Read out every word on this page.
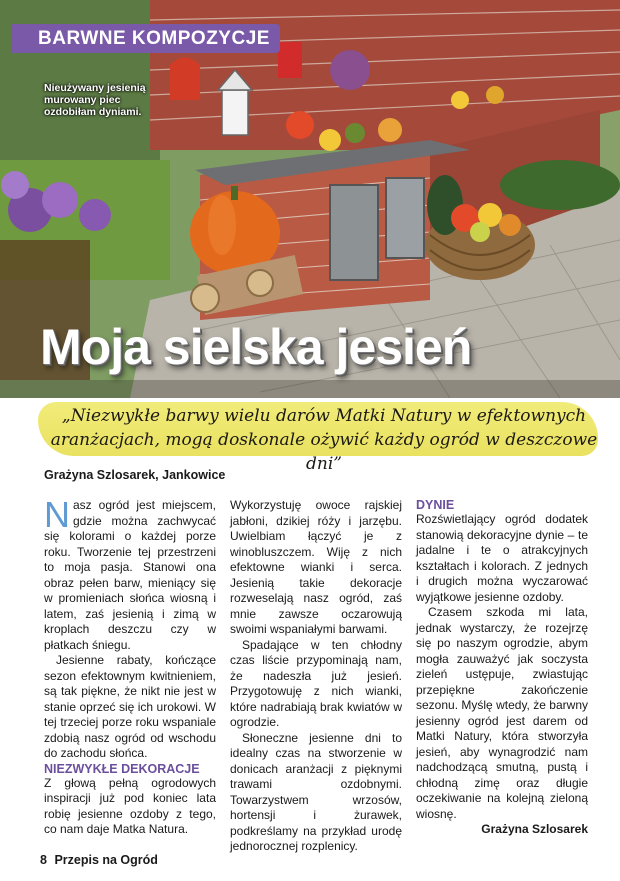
BARWNE KOMPOZYCJE
Nieużywany jesienią murowany piec ozdobiłam dyniami.
Moja sielska jesień
„Niezwykłe barwy wielu darów Matki Natury w efektownych aranżacjach, mogą doskonale ożywić każdy ogród w deszczowe dni”
Grażyna Szlosarek, Jankowice

Nasz ogród jest miejscem, gdzie można zachwycać się kolorami o każdej porze roku. Tworzenie tej przestrzeni to moja pasja. Stanowi ona obraz pełen barw, mieniący się w promieniach słońca wiosną i latem, zaś jesienią i zimą w kroplach deszczu czy w płatkach śniegu.

Jesienne rabaty, kończące sezon efektownym kwitnieniem, są tak piękne, że nikt nie jest w stanie oprzeć się ich urokowi. W tej trzeciej porze roku wspaniale zdobią nasz ogród od wschodu do zachodu słońca.

NIEZWYKŁE DEKORACJE

Z głową pełną ogrodowych inspiracji już pod koniec lata robię jesienne ozdoby z tego, co nam daje Matka Natura.

Wykorzystuję owoce rajskiej jabłoni, dzikiej róży i jarzębu. Uwielbiam łączyć je z winobluszczem. Wiję z nich efektowne wianki i serca. Jesienią takie dekoracje rozweselają nasz ogród, zaś mnie zawsze oczarowują swoimi wspaniałymi barwami.

Spadające w ten chłodny czas liście przypominają nam, że nadeszła już jesień. Przygotowuję z nich wianki, które nadrabiają brak kwiatów w ogrodzie.

Słoneczne jesienne dni to idealny czas na stworzenie w donicach aranżacji z pięknymi trawami ozdobnymi. Towarzystwem wrzosów, hortensji i żurawek, podkreślamy na przykład urodę jednorocznej rozplenicy.

DYNIE

Rozświetlający ogród dodatek stanowią dekoracyjne dynie – te jadalne i te o atrakcyjnych kształtach i kolorach. Z jednych i drugich można wyczarować wyjątkowe jesienne ozdoby.

Czasem szkoda mi lata, jednak wystarczy, że rozejrzę się po naszym ogrodzie, abym mogła zauważyć jak soczysta zieleń ustępuje, zwiastując przepiękne zakończenie sezonu. Myślę wtedy, że barwny jesienny ogród jest darem od Matki Natury, która stworzyła jesień, aby wynagrodzić nam nadchodzącą smutną, pustą i chłodną zimę oraz długie oczekiwanie na kolejną zieloną wiosnę.

Grażyna Szlosarek

8 Przepis na Ogród
